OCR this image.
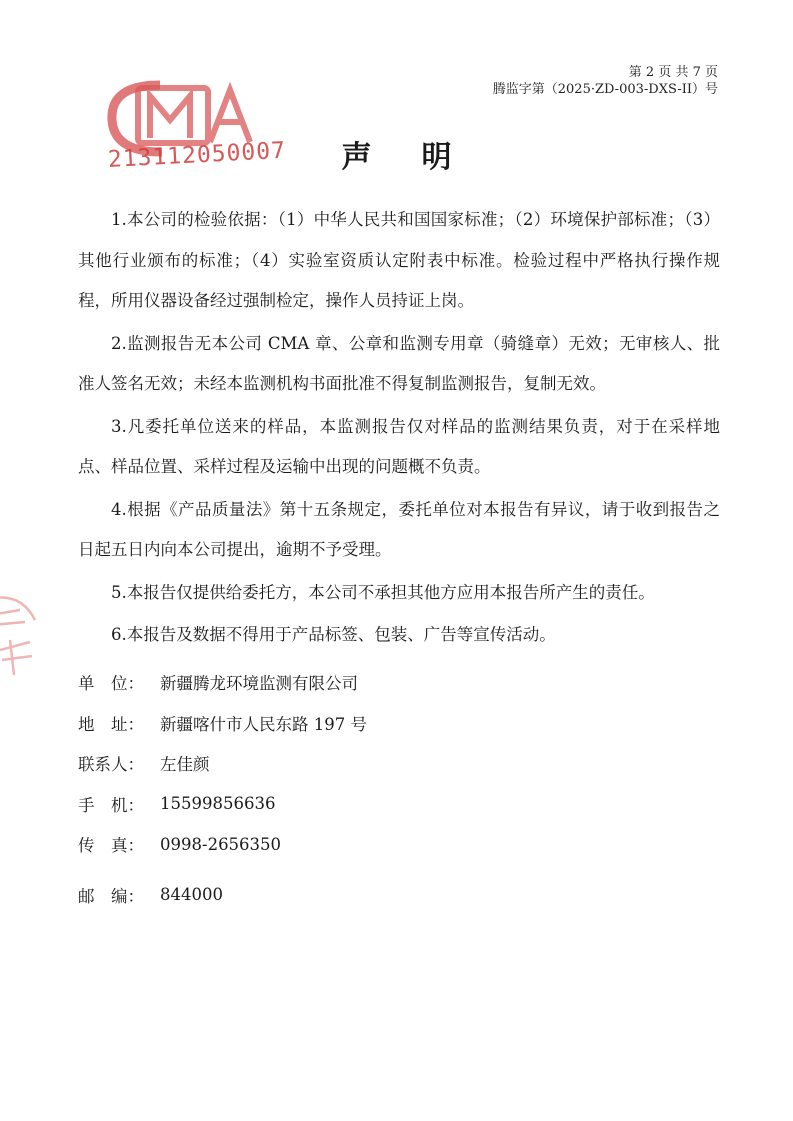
213112050007
第 2 页 共 7 页
腾监字第（2025·ZD-003-DXS-II）号
声明

1.本公司的检验依据：（1）中华人民共和国国家标准；（2）环境保护部标准；（3）其他行业颁布的标准；（4）实验室资质认定附表中标准。检验过程中严格执行操作规程，所用仪器设备经过强制检定，操作人员持证上岗。

2.监测报告无本公司 CMA 章、公章和监测专用章（骑缝章）无效；无审核人、批准人签名无效；未经本监测机构书面批准不得复制监测报告，复制无效。

3.凡委托单位送来的样品，本监测报告仅对样品的监测结果负责，对于在采样地点、样品位置、采样过程及运输中出现的问题概不负责。

4.根据《产品质量法》第十五条规定，委托单位对本报告有异议，请于收到报告之日起五日内向本公司提出，逾期不予受理。

5.本报告仅提供给委托方，本公司不承担其他方应用本报告所产生的责任。

6.本报告及数据不得用于产品标签、包装、广告等宣传活动。

单　位： 新疆腾龙环境监测有限公司
地　址： 新疆喀什市人民东路 197 号
联系人： 左佳颜
手　机： 15599856636
传　真： 0998-2656350
邮　编： 844000
